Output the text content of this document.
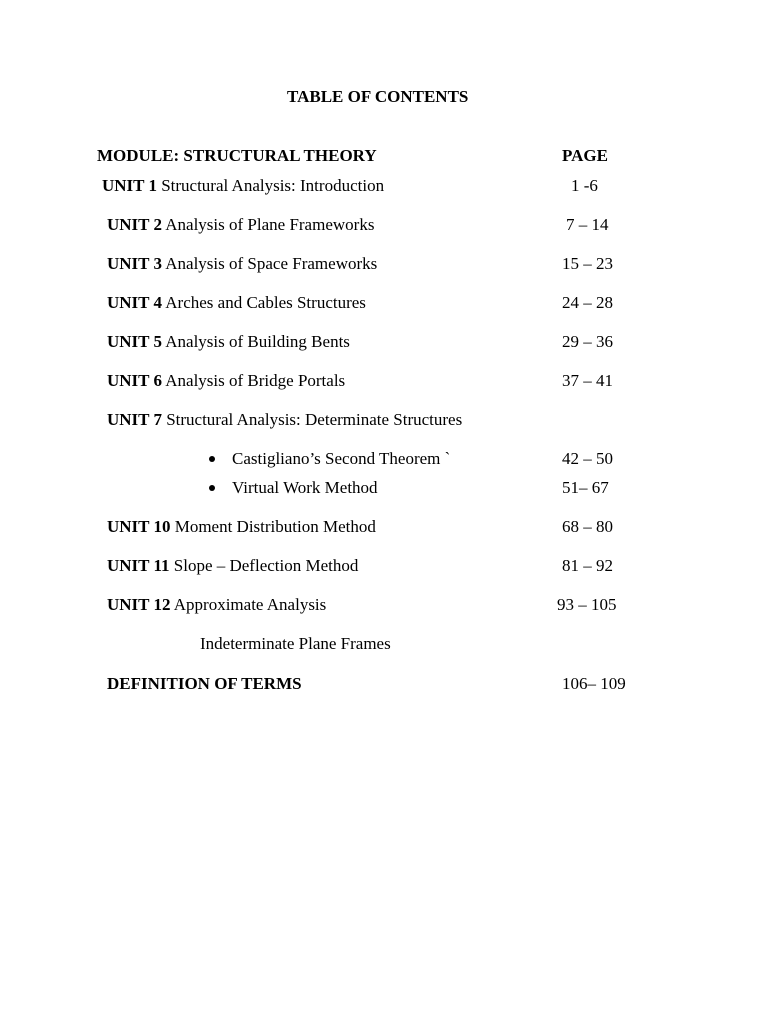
TABLE OF CONTENTS
MODULE: STRUCTURAL THEORY	PAGE
UNIT 1 Structural Analysis: Introduction	1 -6
UNIT 2 Analysis of Plane Frameworks	7 – 14
UNIT 3 Analysis of Space Frameworks	15 – 23
UNIT 4 Arches and Cables Structures	24 – 28
UNIT 5 Analysis of Building Bents	29 – 36
UNIT 6 Analysis of Bridge Portals	37 – 41
UNIT 7 Structural Analysis: Determinate Structures
Castigliano’s Second Theorem `	42 – 50
Virtual Work Method	51– 67
UNIT 10 Moment Distribution Method	68 – 80
UNIT 11 Slope – Deflection Method	81 – 92
UNIT 12 Approximate Analysis	93 – 105
Indeterminate Plane Frames
DEFINITION OF TERMS	106– 109
